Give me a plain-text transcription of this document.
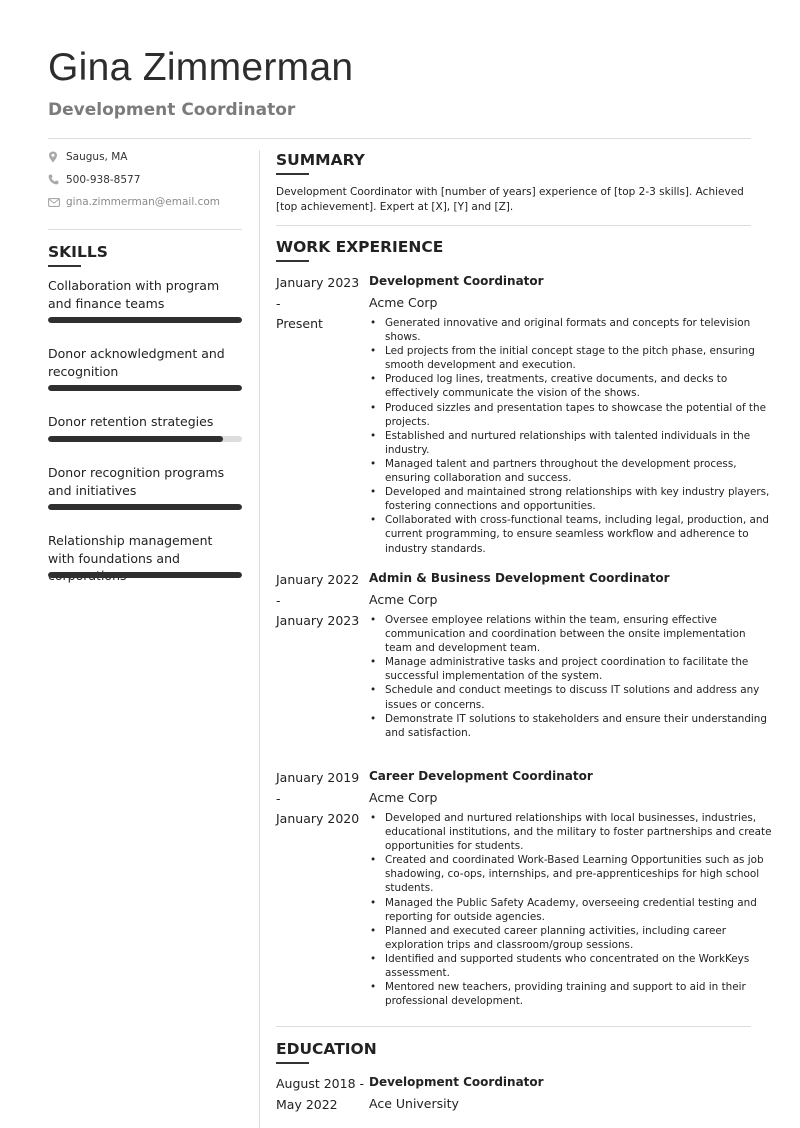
Gina Zimmerman
Development Coordinator
Saugus, MA
500-938-8577
gina.zimmerman@email.com
SKILLS
Collaboration with program and finance teams
Donor acknowledgment and recognition
Donor retention strategies
Donor recognition programs and initiatives
Relationship management with foundations and
SUMMARY

Development Coordinator with [number of years] experience of [top 2-3 skills]. Achieved [top achievement]. Expert at [X], [Y] and [Z].

WORK EXPERIENCE
January 2023 -
Present
Development Coordinator
Acme Corp
• Generated innovative and original formats and concepts for television shows.
• Led projects from the initial concept stage to the pitch phase, ensuring smooth development and execution.
• Produced log lines, treatments, creative documents, and decks to effectively communicate the vision of the shows.
• Produced sizzles and presentation tapes to showcase the potential of the projects.
• Established and nurtured relationships with talented individuals in the industry.
• Managed talent and partners throughout the development process, ensuring collaboration and success.
• Developed and maintained strong relationships with key industry players, fostering connections and opportunities.
• Collaborated with cross-functional teams, including legal, production, and current programming, to ensure seamless workflow and adherence to industry standards.
January 2022 -
January 2023
Admin & Business Development Coordinator
Acme Corp
• Oversee employee relations within the team, ensuring effective communication and coordination between the onsite implementation team and development team.
• Manage administrative tasks and project coordination to facilitate the successful implementation of the system.
• Schedule and conduct meetings to discuss IT solutions and address any issues or concerns.
• Demonstrate IT solutions to stakeholders and ensure their understanding and satisfaction.
January 2019 -
January 2020
Career Development Coordinator
Acme Corp
• Developed and nurtured relationships with local businesses, industries, educational institutions, and the military to foster partnerships and create opportunities for students.
• Created and coordinated Work-Based Learning Opportunities such as job shadowing, co-ops, internships, and pre-apprenticeships for high school students.
• Managed the Public Safety Academy, overseeing credential testing and reporting for outside agencies.
• Planned and executed career planning activities, including career exploration trips and classroom/group sessions.
• Identified and supported students who concentrated on the WorkKeys assessment.
• Mentored new teachers, providing training and support to aid in their professional development.
EDUCATION
August 2018 -
May 2022
Development Coordinator
Ace University
